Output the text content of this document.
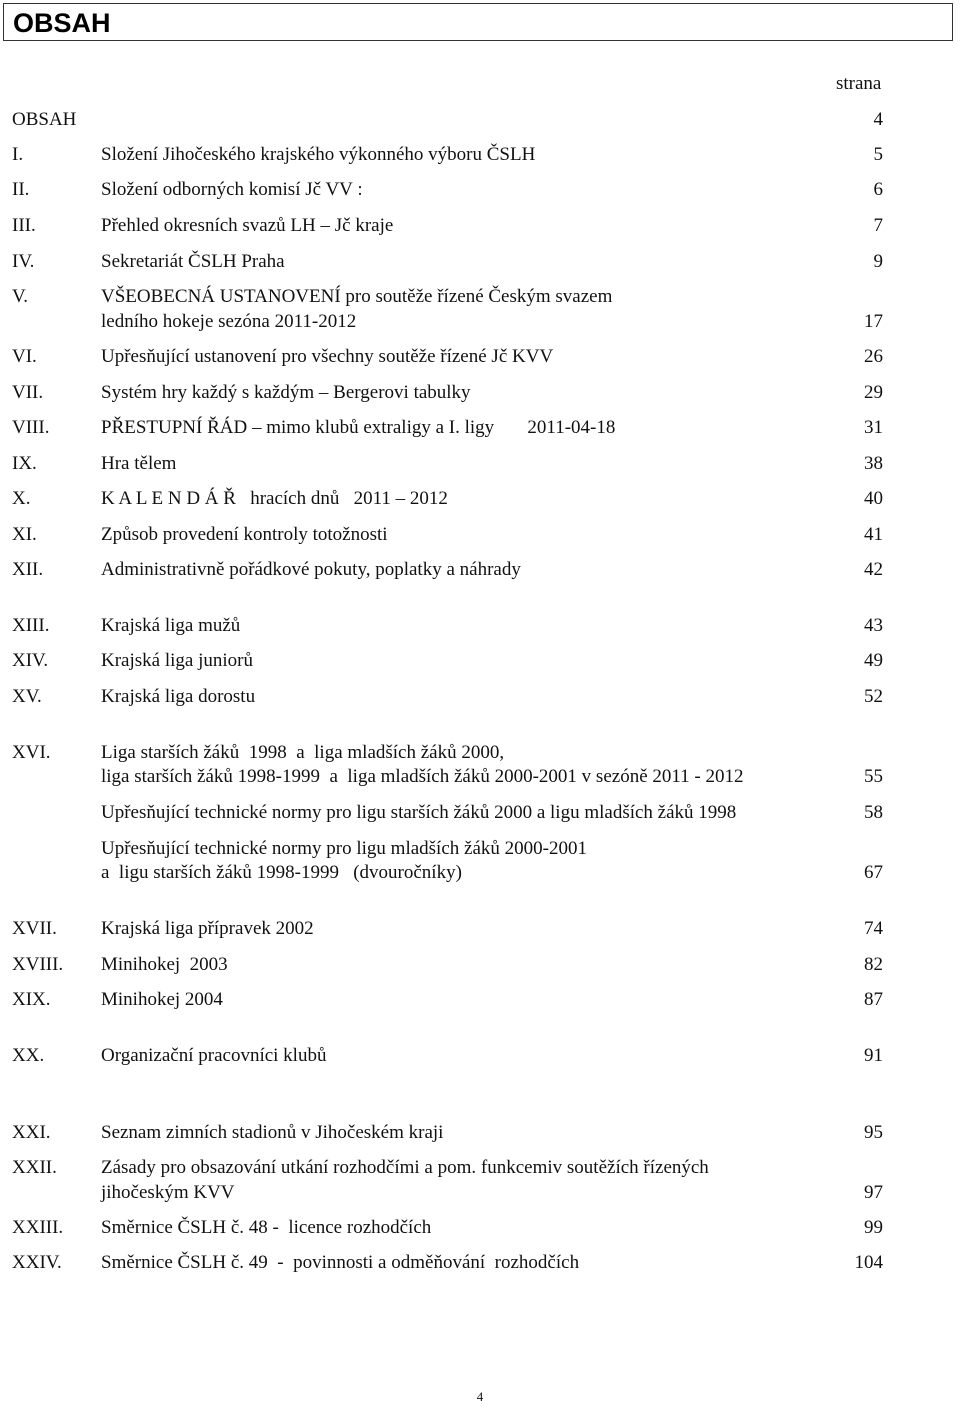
OBSAH
strana
OBSAH	4
I.	Složení Jihočeského krajského výkonného výboru ČSLH	5
II.	Složení odborných komisí Jč VV :	6
III.	Přehled okresních svazů LH – Jč kraje	7
IV.	Sekretariát ČSLH Praha	9
V.	VŠEOBECNÁ USTANOVENÍ pro soutěže řízené Českým svazem
ledního hokeje sezóna 2011-2012	17
VI.	Upřesňující ustanovení pro všechny soutěže řízené Jč KVV	26
VII.	Systém hry každý s každým – Bergerovi tabulky	29
VIII.	PŘESTUPNÍ ŘÁD – mimo klubů extraligy a I. ligy       2011-04-18	31
IX.	Hra tělem	38
X.	K A L E N D Á Ř   hracích dnů   2011 – 2012	40
XI.	Způsob provedení kontroly totožnosti	41
XII.	Administrativně pořádkové pokuty, poplatky a náhrady	42
XIII.	Krajská liga mužů	43
XIV.	Krajská liga juniorů	49
XV.	Krajská liga dorostu	52
XVI.	Liga starších žáků  1998  a  liga mladších žáků 2000,
liga starších žáků 1998-1999  a  liga mladších žáků 2000-2001 v sezóně 2011 - 2012	55
Upřesňující technické normy pro ligu starších žáků 2000 a ligu mladších žáků 1998	58
Upřesňující technické normy pro ligu mladších žáků 2000-2001
a  ligu starších žáků 1998-1999   (dvouročníky)	67
XVII. Krajská liga přípravek 2002	74
XVIII. Minihokej  2003	82
XIX.	Minihokej 2004	87
XX.	Organizační pracovníci klubů	91
XXI.	Seznam zimních stadionů v Jihočeském kraji	95
XXII. Zásady pro obsazování utkání rozhodčími a pom. funkcemiv soutěžích řízených
jihočeským KVV	97
XXIII. Směrnice ČSLH č. 48 -  licence rozhodčích	99
XXIV. Směrnice ČSLH č. 49  -  povinnosti a odměňování  rozhodčích	104
4
